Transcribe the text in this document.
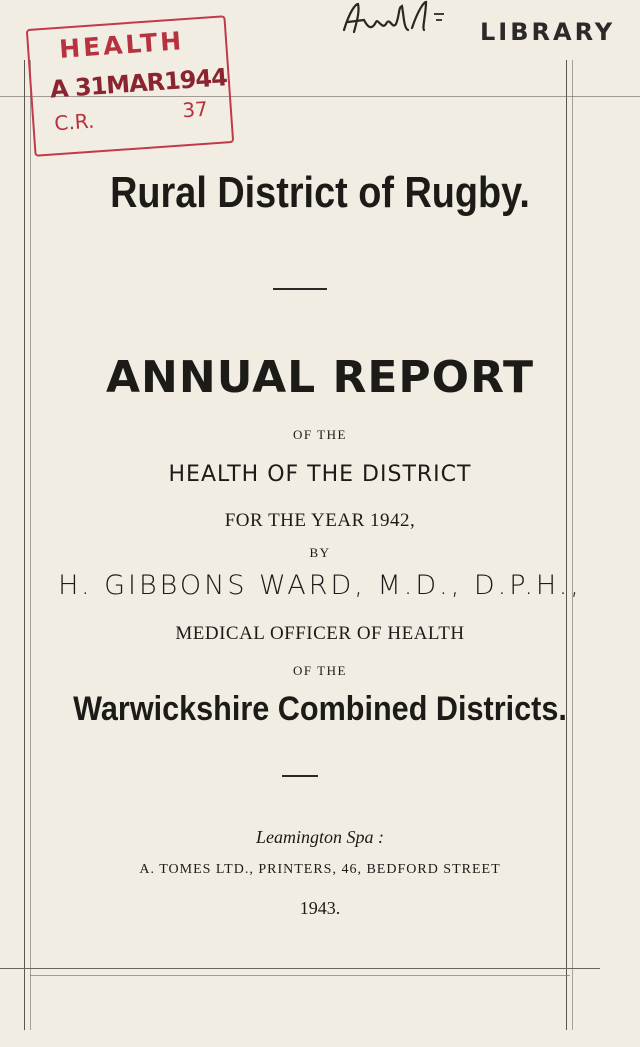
HEALTH
A 31MAR1944
C.R.	37
LIBRARY
Rural District of Rugby.
ANNUAL REPORT
OF THE
HEALTH OF THE DISTRICT
FOR THE YEAR 1942,
BY
H. GIBBONS WARD, M.D., D.P.H.,
MEDICAL OFFICER OF HEALTH
OF THE
Warwickshire Combined Districts.
Leamington Spa :
A. TOMES LTD., PRINTERS, 46, BEDFORD STREET
1943.
